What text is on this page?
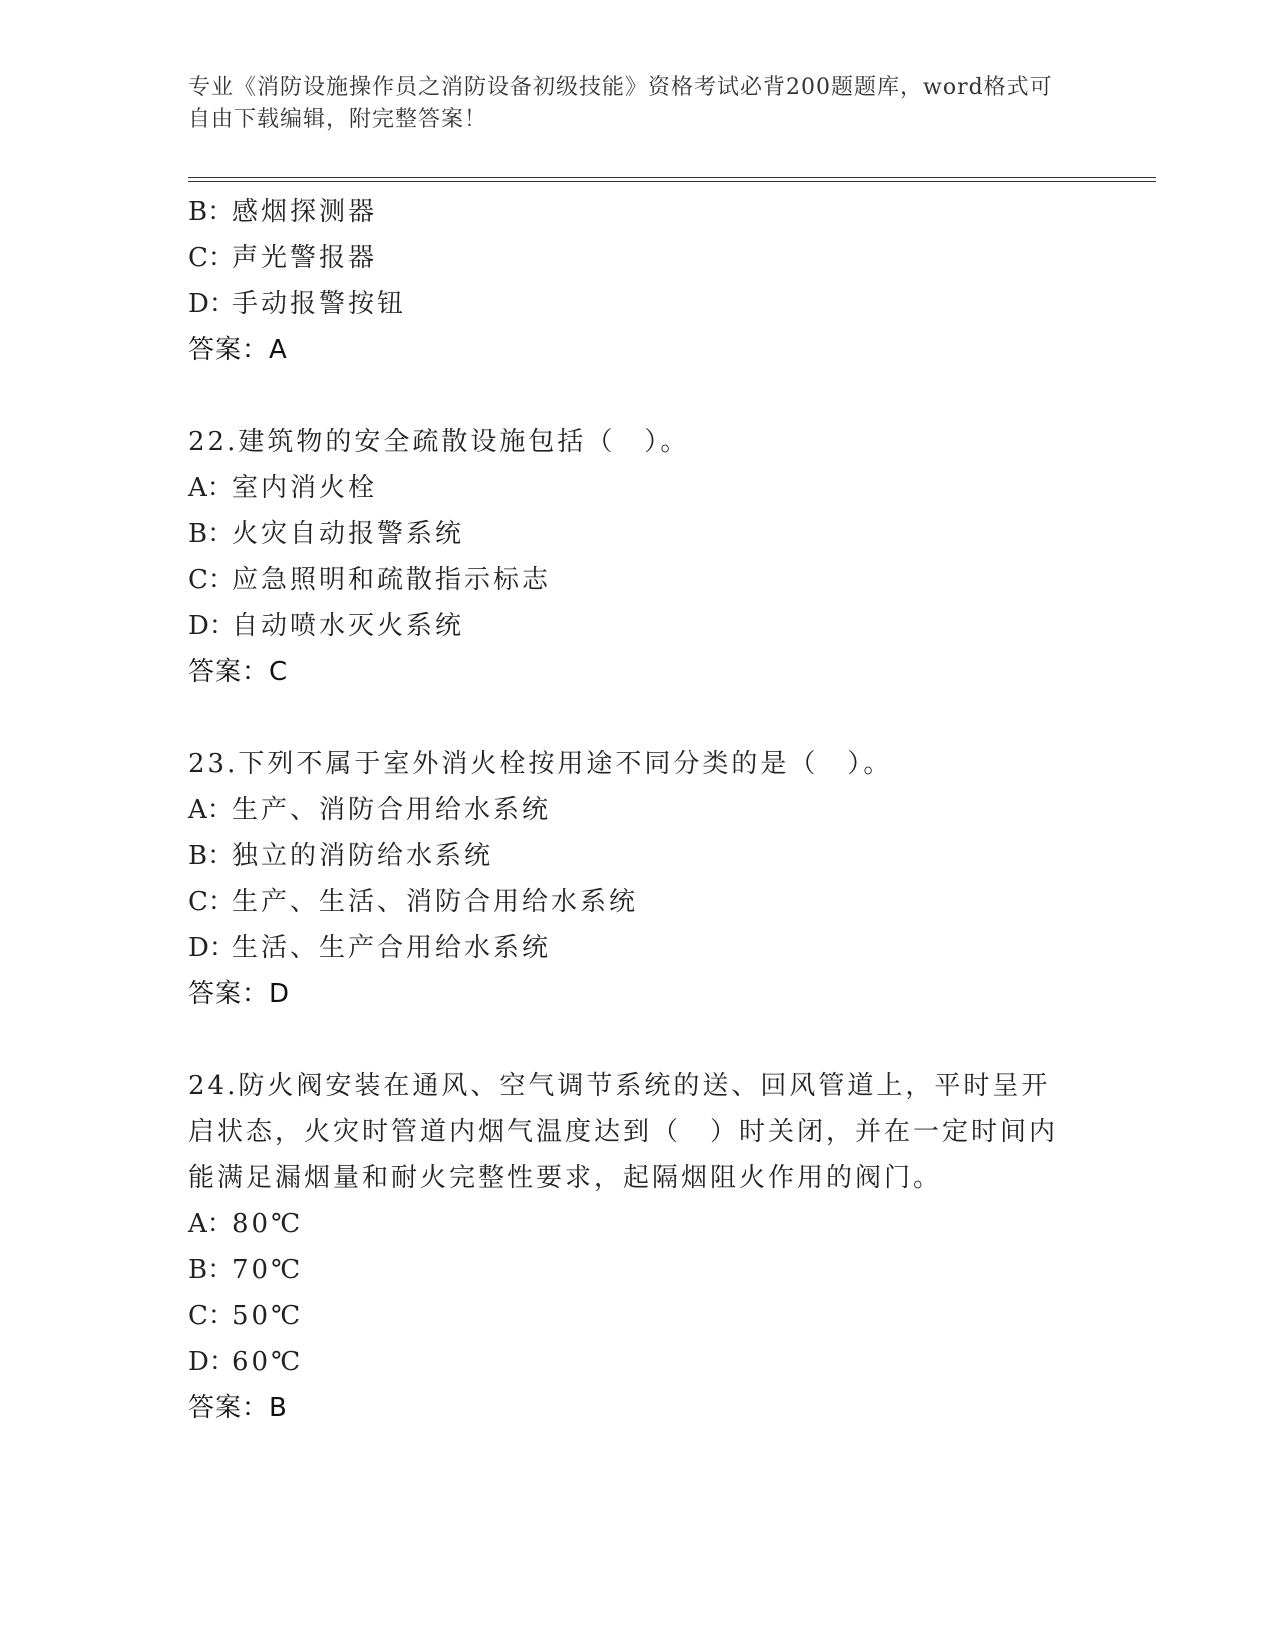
专业《消防设施操作员之消防设备初级技能》资格考试必背200题题库，word格式可自由下载编辑，附完整答案！
B：感烟探测器
C：声光警报器
D：手动报警按钮
答案：A
22.建筑物的安全疏散设施包括（　）。
A：室内消火栓
B：火灾自动报警系统
C：应急照明和疏散指示标志
D：自动喷水灭火系统
答案：C
23.下列不属于室外消火栓按用途不同分类的是（　）。
A：生产、消防合用给水系统
B：独立的消防给水系统
C：生产、生活、消防合用给水系统
D：生活、生产合用给水系统
答案：D
24.防火阀安装在通风、空气调节系统的送、回风管道上，平时呈开启状态，火灾时管道内烟气温度达到（　）时关闭，并在一定时间内能满足漏烟量和耐火完整性要求，起隔烟阻火作用的阀门。
A：80℃
B：70℃
C：50℃
D：60℃
答案：B
